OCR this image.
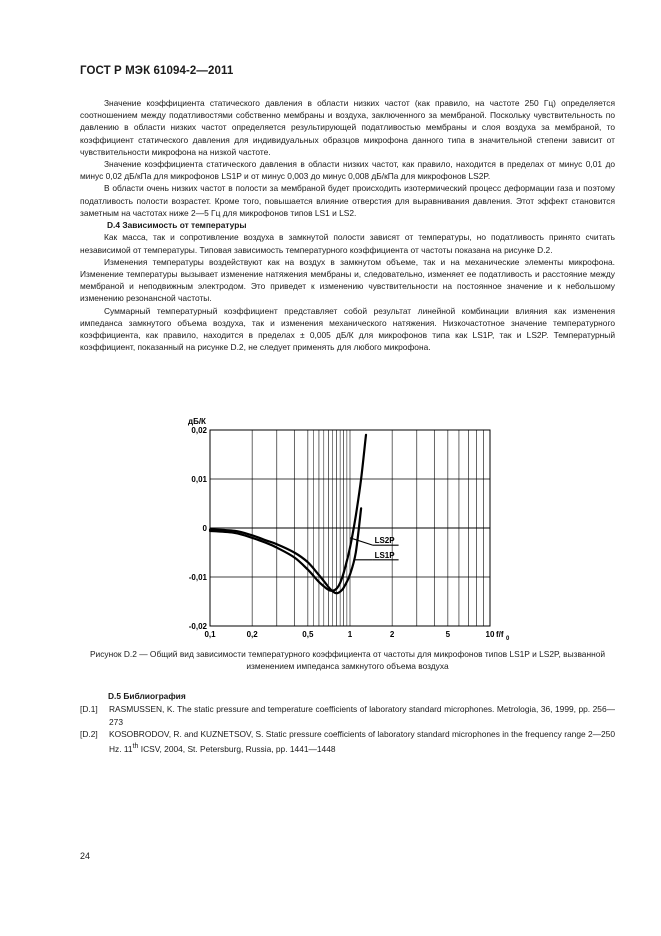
ГОСТ Р МЭК 61094-2—2011

Значение коэффициента статического давления в области низких частот (как правило, на частоте 250 Гц) определяется соотношением между податливостями собственно мембраны и воздуха, заключенного за мембраной. Поскольку чувствительность по давлению в области низких частот определяется результирующей податливостью мембраны и слоя воздуха за мембраной, то коэффициент статического давления для индивидуальных образцов микрофона данного типа в значительной степени зависит от чувствительности микрофона на низкой частоте.

Значение коэффициента статического давления в области низких частот, как правило, находится в пределах от минус 0,01 до минус 0,02 дБ/кПа для микрофонов LS1P и от минус 0,003 до минус 0,008 дБ/кПа для микрофонов LS2P.

В области очень низких частот в полости за мембраной будет происходить изотермический процесс деформации газа и поэтому податливость полости возрастет. Кроме того, повышается влияние отверстия для выравнивания давления. Этот эффект становится заметным на частотах ниже 2—5 Гц для микрофонов типов LS1 и LS2.

D.4 Зависимость от температуры

Как масса, так и сопротивление воздуха в замкнутой полости зависят от температуры, но податливость принято считать независимой от температуры. Типовая зависимость температурного коэффициента от частоты показана на рисунке D.2.

Изменения температуры воздействуют как на воздух в замкнутом объеме, так и на механические элементы микрофона. Изменение температуры вызывает изменение натяжения мембраны и, следовательно, изменяет ее податливость и расстояние между мембраной и неподвижным электродом. Это приведет к изменению чувствительности на постоянное значение и к небольшому изменению резонансной частоты.

Суммарный температурный коэффициент представляет собой результат линейной комбинации влияния как изменения импеданса замкнутого объема воздуха, так и изменения механического натяжения. Низкочастотное значение температурного коэффициента, как правило, находится в пределах ± 0,005 дБ/К для микрофонов типа как LS1P, так и LS2P. Температурный коэффициент, показанный на рисунке D.2, не следует применять для любого микрофона.

0,02
0,01
0
-0,01
-0,02
0,1	0,2	0,5	1	2	5	10
дБ/К
f/f 0
LS2P
LS1P
Рисунок D.2 — Общий вид зависимости температурного коэффициента от частоты для микрофонов типов LS1P и LS2P, вызванной изменением импеданса замкнутого объема воздуха

D.5 Библиография

[D.1]	RASMUSSEN, K. The static pressure and temperature coefficients of laboratory standard microphones. Metrologia, 36, 1999, pp. 256—273
[D.2]	KOSOBRODOV, R. and KUZNETSOV, S. Static pressure coefficients of laboratory standard microphones in the frequency range 2—250 Hz. 11th ICSV, 2004, St. Petersburg, Russia, pp. 1441—1448
24
